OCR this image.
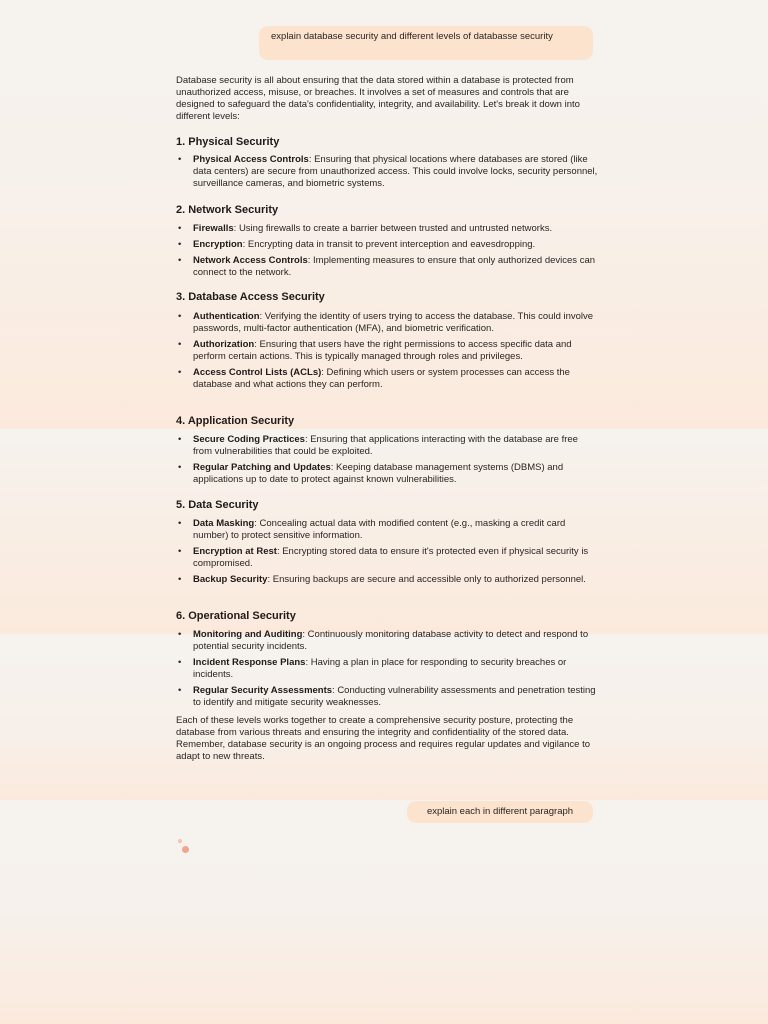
explain database security and different levels of databasse security
Database security is all about ensuring that the data stored within a database is protected from unauthorized access, misuse, or breaches. It involves a set of measures and controls that are designed to safeguard the data's confidentiality, integrity, and availability. Let's break it down into different levels:
1. Physical Security
• Physical Access Controls: Ensuring that physical locations where databases are stored (like data centers) are secure from unauthorized access. This could involve locks, security personnel, surveillance cameras, and biometric systems.
2. Network Security
• Firewalls: Using firewalls to create a barrier between trusted and untrusted networks.
• Encryption: Encrypting data in transit to prevent interception and eavesdropping.
• Network Access Controls: Implementing measures to ensure that only authorized devices can connect to the network.
3. Database Access Security
• Authentication: Verifying the identity of users trying to access the database. This could involve passwords, multi-factor authentication (MFA), and biometric verification.
• Authorization: Ensuring that users have the right permissions to access specific data and perform certain actions. This is typically managed through roles and privileges.
• Access Control Lists (ACLs): Defining which users or system processes can access the database and what actions they can perform.
4. Application Security
• Secure Coding Practices: Ensuring that applications interacting with the database are free from vulnerabilities that could be exploited.
• Regular Patching and Updates: Keeping database management systems (DBMS) and applications up to date to protect against known vulnerabilities.
5. Data Security
• Data Masking: Concealing actual data with modified content (e.g., masking a credit card number) to protect sensitive information.
• Encryption at Rest: Encrypting stored data to ensure it's protected even if physical security is compromised.
• Backup Security: Ensuring backups are secure and accessible only to authorized personnel.
6. Operational Security
• Monitoring and Auditing: Continuously monitoring database activity to detect and respond to potential security incidents.
• Incident Response Plans: Having a plan in place for responding to security breaches or incidents.
• Regular Security Assessments: Conducting vulnerability assessments and penetration testing to identify and mitigate security weaknesses.
Each of these levels works together to create a comprehensive security posture, protecting the database from various threats and ensuring the integrity and confidentiality of the stored data. Remember, database security is an ongoing process and requires regular updates and vigilance to adapt to new threats.
explain each in different paragraph
